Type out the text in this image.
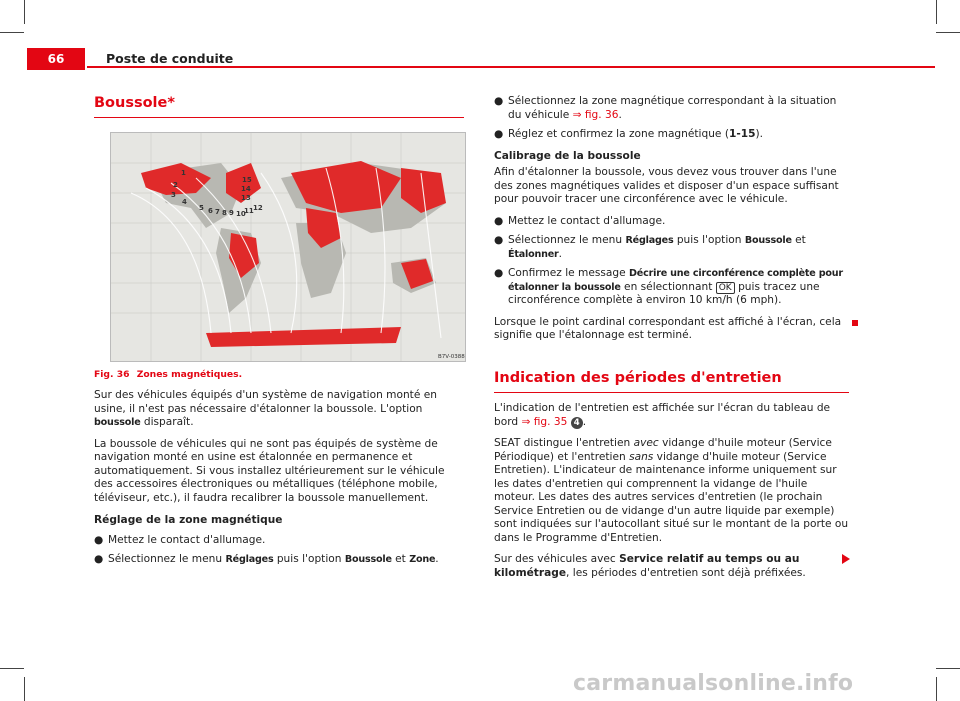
66	Poste de conduite
Boussole*
1
2
3
4
5 6 7 8 9 10
11 12
13
14
15
B7V-0388
Fig. 36 Zones magnétiques.

Sur des véhicules équipés d'un système de navigation monté en usine, il n'est pas nécessaire d'étalonner la boussole. L'option boussole disparaît.

La boussole de véhicules qui ne sont pas équipés de système de navigation monté en usine est étalonnée en permanence et automatiquement. Si vous installez ultérieurement sur le véhicule des accessoires électroniques ou métalliques (téléphone mobile, téléviseur, etc.), il faudra recalibrer la boussole manuellement.

Réglage de la zone magnétique
● Mettez le contact d'allumage.
● Sélectionnez le menu Réglages puis l'option Boussole et Zone.
● Sélectionnez la zone magnétique correspondant à la situation du véhicule ⇒ fig. 36.
● Réglez et confirmez la zone magnétique (1-15).
Calibrage de la boussole

Afin d'étalonner la boussole, vous devez vous trouver dans l'une des zones magnétiques valides et disposer d'un espace suffisant pour pouvoir tracer une circonférence avec le véhicule.

● Mettez le contact d'allumage.
● Sélectionnez le menu Réglages puis l'option Boussole et Étalonner.
● Confirmez le message Décrire une circonférence complète pour étalonner la boussole en sélectionnant OK puis tracez une circonférence complète à environ 10 km/h (6 mph).

Lorsque le point cardinal correspondant est affiché à l'écran, cela signifie que l'étalonnage est terminé.

Indication des périodes d'entretien

L'indication de l'entretien est affichée sur l'écran du tableau de bord ⇒ fig. 35 4 .

SEAT distingue l'entretien avec vidange d'huile moteur (Service Périodique) et l'entretien sans vidange d'huile moteur (Service Entretien). L'indicateur de maintenance informe uniquement sur les dates d'entretien qui comprennent la vidange de l'huile moteur. Les dates des autres services d'entretien (le prochain Service Entretien ou de vidange d'un autre liquide par exemple) sont indiquées sur l'autocollant situé sur le montant de la porte ou dans le Programme d'Entretien.

Sur des véhicules avec Service relatif au temps ou au kilométrage, les périodes d'entretien sont déjà préfixées.

carmanualsonline.info
